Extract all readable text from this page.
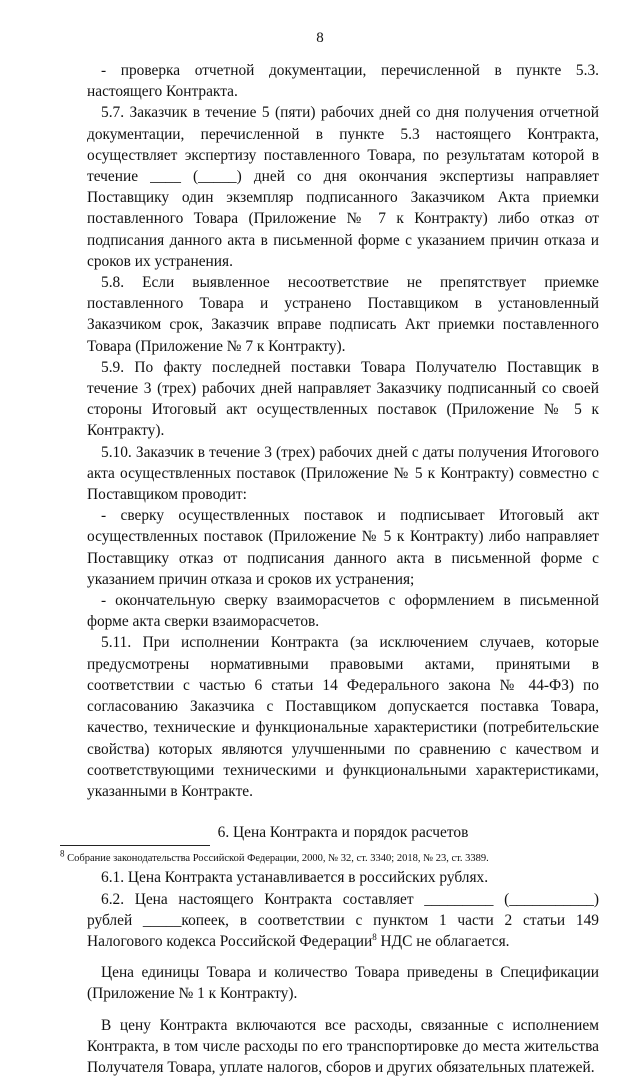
8

- проверка отчетной документации, перечисленной в пункте 5.3. настоящего Контракта.

5.7. Заказчик в течение 5 (пяти) рабочих дней со дня получения отчетной документации, перечисленной в пункте 5.3 настоящего Контракта, осуществляет экспертизу поставленного Товара, по результатам которой в течение ____ (_____) дней со дня окончания экспертизы направляет Поставщику один экземпляр подписанного Заказчиком Акта приемки поставленного Товара (Приложение № 7 к Контракту) либо отказ от подписания данного акта в письменной форме с указанием причин отказа и сроков их устранения.

5.8. Если выявленное несоответствие не препятствует приемке поставленного Товара и устранено Поставщиком в установленный Заказчиком срок, Заказчик вправе подписать Акт приемки поставленного Товара (Приложение № 7 к Контракту).

5.9. По факту последней поставки Товара Получателю Поставщик в течение 3 (трех) рабочих дней направляет Заказчику подписанный со своей стороны Итоговый акт осуществленных поставок (Приложение № 5 к Контракту).

5.10. Заказчик в течение 3 (трех) рабочих дней с даты получения Итогового акта осуществленных поставок (Приложение № 5 к Контракту) совместно с Поставщиком проводит:

- сверку осуществленных поставок и подписывает Итоговый акт осуществленных поставок (Приложение № 5 к Контракту) либо направляет Поставщику отказ от подписания данного акта в письменной форме с указанием причин отказа и сроков их устранения;

- окончательную сверку взаиморасчетов с оформлением в письменной форме акта сверки взаиморасчетов.

5.11. При исполнении Контракта (за исключением случаев, которые предусмотрены нормативными правовыми актами, принятыми в соответствии с частью 6 статьи 14 Федерального закона № 44-ФЗ) по согласованию Заказчика с Поставщиком допускается поставка Товара, качество, технические и функциональные характеристики (потребительские свойства) которых являются улучшенными по сравнению с качеством и соответствующими техническими и функциональными характеристиками, указанными в Контракте.

6. Цена Контракта и порядок расчетов

6.1. Цена Контракта устанавливается в российских рублях.

6.2. Цена настоящего Контракта составляет _________ (___________) рублей _____копеек, в соответствии с пунктом 1 части 2 статьи 149 Налогового кодекса Российской Федерации$^8$ НДС не облагается.

Цена единицы Товара и количество Товара приведены в Спецификации (Приложение № 1 к Контракту).

В цену Контракта включаются все расходы, связанные с исполнением Контракта, в том числе расходы по его транспортировке до места жительства Получателя Товара, уплате налогов, сборов и других обязательных платежей.

$^8$ Собрание законодательства Российской Федерации, 2000, № 32, ст. 3340; 2018, № 23, ст. 3389.
